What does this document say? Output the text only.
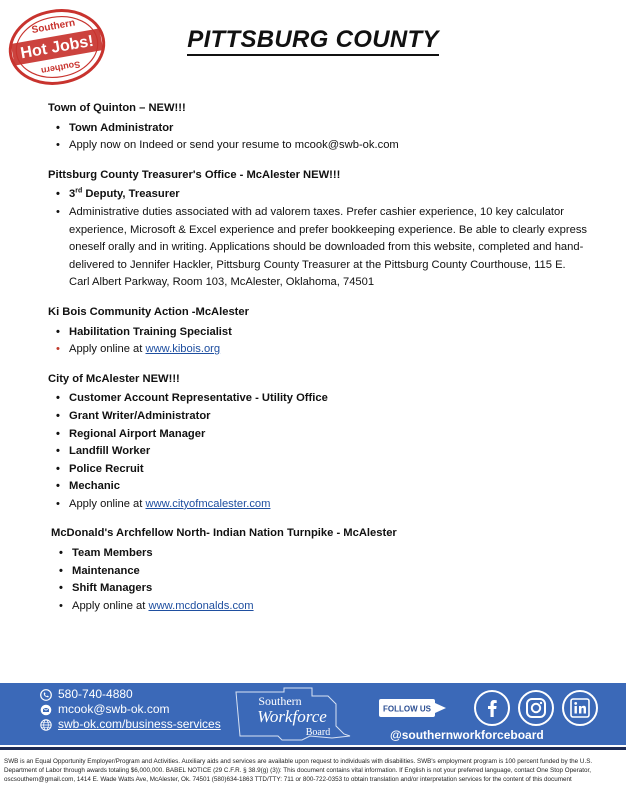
Hot Jobs!
Southern
Southern
PITTSBURG COUNTY
Town of Quinton – NEW!!!
• Town Administrator
• Apply now on Indeed or send your resume to mcook@swb-ok.com
Pittsburg County Treasurer's Office - McAlester NEW!!!
• 3rd Deputy, Treasurer
• Administrative duties associated with ad valorem taxes. Prefer cashier experience, 10 key calculator experience, Microsoft & Excel experience and prefer bookkeeping experience. Be able to clearly express oneself orally and in writing. Applications should be downloaded from this website, completed and hand-delivered to Jennifer Hackler, Pittsburg County Treasurer at the Pittsburg County Courthouse, 115 E. Carl Albert Parkway, Room 103, McAlester, Oklahoma, 74501
Ki Bois Community Action -McAlester
• Habilitation Training Specialist
• Apply online at www.kibois.org
City of McAlester NEW!!!
• Customer Account Representative - Utility Office
• Grant Writer/Administrator
• Regional Airport Manager
• Landfill Worker
• Police Recruit
• Mechanic
• Apply online at www.cityofmcalester.com
McDonald's Archfellow North- Indian Nation Turnpike - McAlester
• Team Members
• Maintenance
• Shift Managers
• Apply online at www.mcdonalds.com
580-740-4880
mcook@swb-ok.com
swb-ok.com/business-services
Southern
Workforce
Board
FOLLOW US
@southernworkforceboard
SWB is an Equal Opportunity Employer/Program and Activities. Auxiliary aids and services are available upon request to individuals with disabilities. SWB's employment program is 100 percent funded by the U.S. Department of Labor through awards totaling $6,000,000. BABEL NOTICE (29 C.F.R. § 38.9(g) (3)): This document contains vital information. If English is not your preferred language, contact One Stop Operator, oscsouthern@gmail.com, 1414 E. Wade Watts Ave, McAlester, Ok. 74501 (580)634-1863 TTD/TTY: 711 or 800-722-0353 to obtain translation and/or interpretation services for the content of this document
